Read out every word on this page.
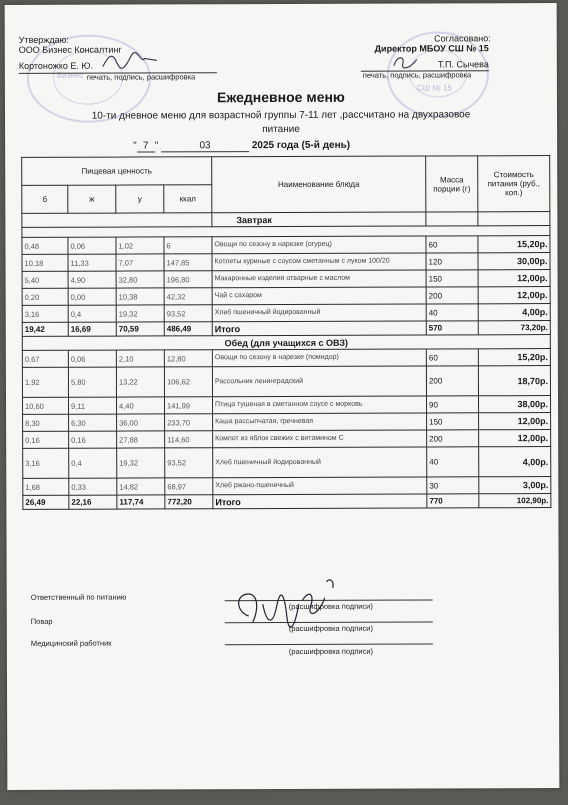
Бизнес
СШ № 15
Утверждаю:
ООО Бизнес Консалтинг
Кортоножко Е. Ю.
печать, подпись, расшифровка
Согласовано:
Директор МБОУ СШ № 15
Т.П. Сычева
печать, подпись, расшифровка
Ежедневное меню
10-ти дневное меню для возрастной группы 7-11 лет ,рассчитано на двухразовое
питание
" 7 "	03	2025 года (5-й день)
Пищевая ценность				Наименование блюда	Масса порции (г)	Стоимость питания (руб., коп.)
б	ж	у	ккал			
				Завтрак		

0,48	0,06	1,02	6	Овощи по сезону в нарезке (огурец)	60	15,20р.
10,18	11,33	7,07	147,85	Котлеты куриные с соусом сметанным с луком 100/20	120	30,00р.
5,40	4,90	32,80	196,80	Макаронные изделия отварные с маслом	150	12,00р.
0,20	0,00	10,38	42,32	Чай с сахаром	200	12,00р.
3,16	0,4	19,32	93,52	Хлеб пшеничный йодированный	40	4,00р.
19,42	16,69	70,59	486,49	Итого	570	73,20р.
Обед (для учащихся с ОВЗ)						
0,67	0,06	2,10	12,80	Овощи по сезону в нарезке (помидор)	60	15,20р.
1,92	5,80	13,22	106,62	Рассольник ленинградский	200	18,70р.
10,60	9,11	4,40	141,99	Птица тушеная в сметанном соусе с морковь	90	38,00р.
8,30	6,30	36,00	233,70	Каша рассыпчатая, гречневая	150	12,00р.
0,16	0,16	27,88	114,60	Компот из яблок свежих с витамином С	200	12,00р.
3,16	0,4	19,32	93,52	Хлеб пшеничный йодированный	40	4,00р.
1,68	0,33	14,82	68,97	Хлеб ржано-пшеничный	30	3,00р.
26,49	22,16	117,74	772,20	Итого	770	102,90р.
Ответственный по питанию
Повар
Медицинский работник
(расшифровка подписи)
(расшифровка подписи)
(расшифровка подписи)
